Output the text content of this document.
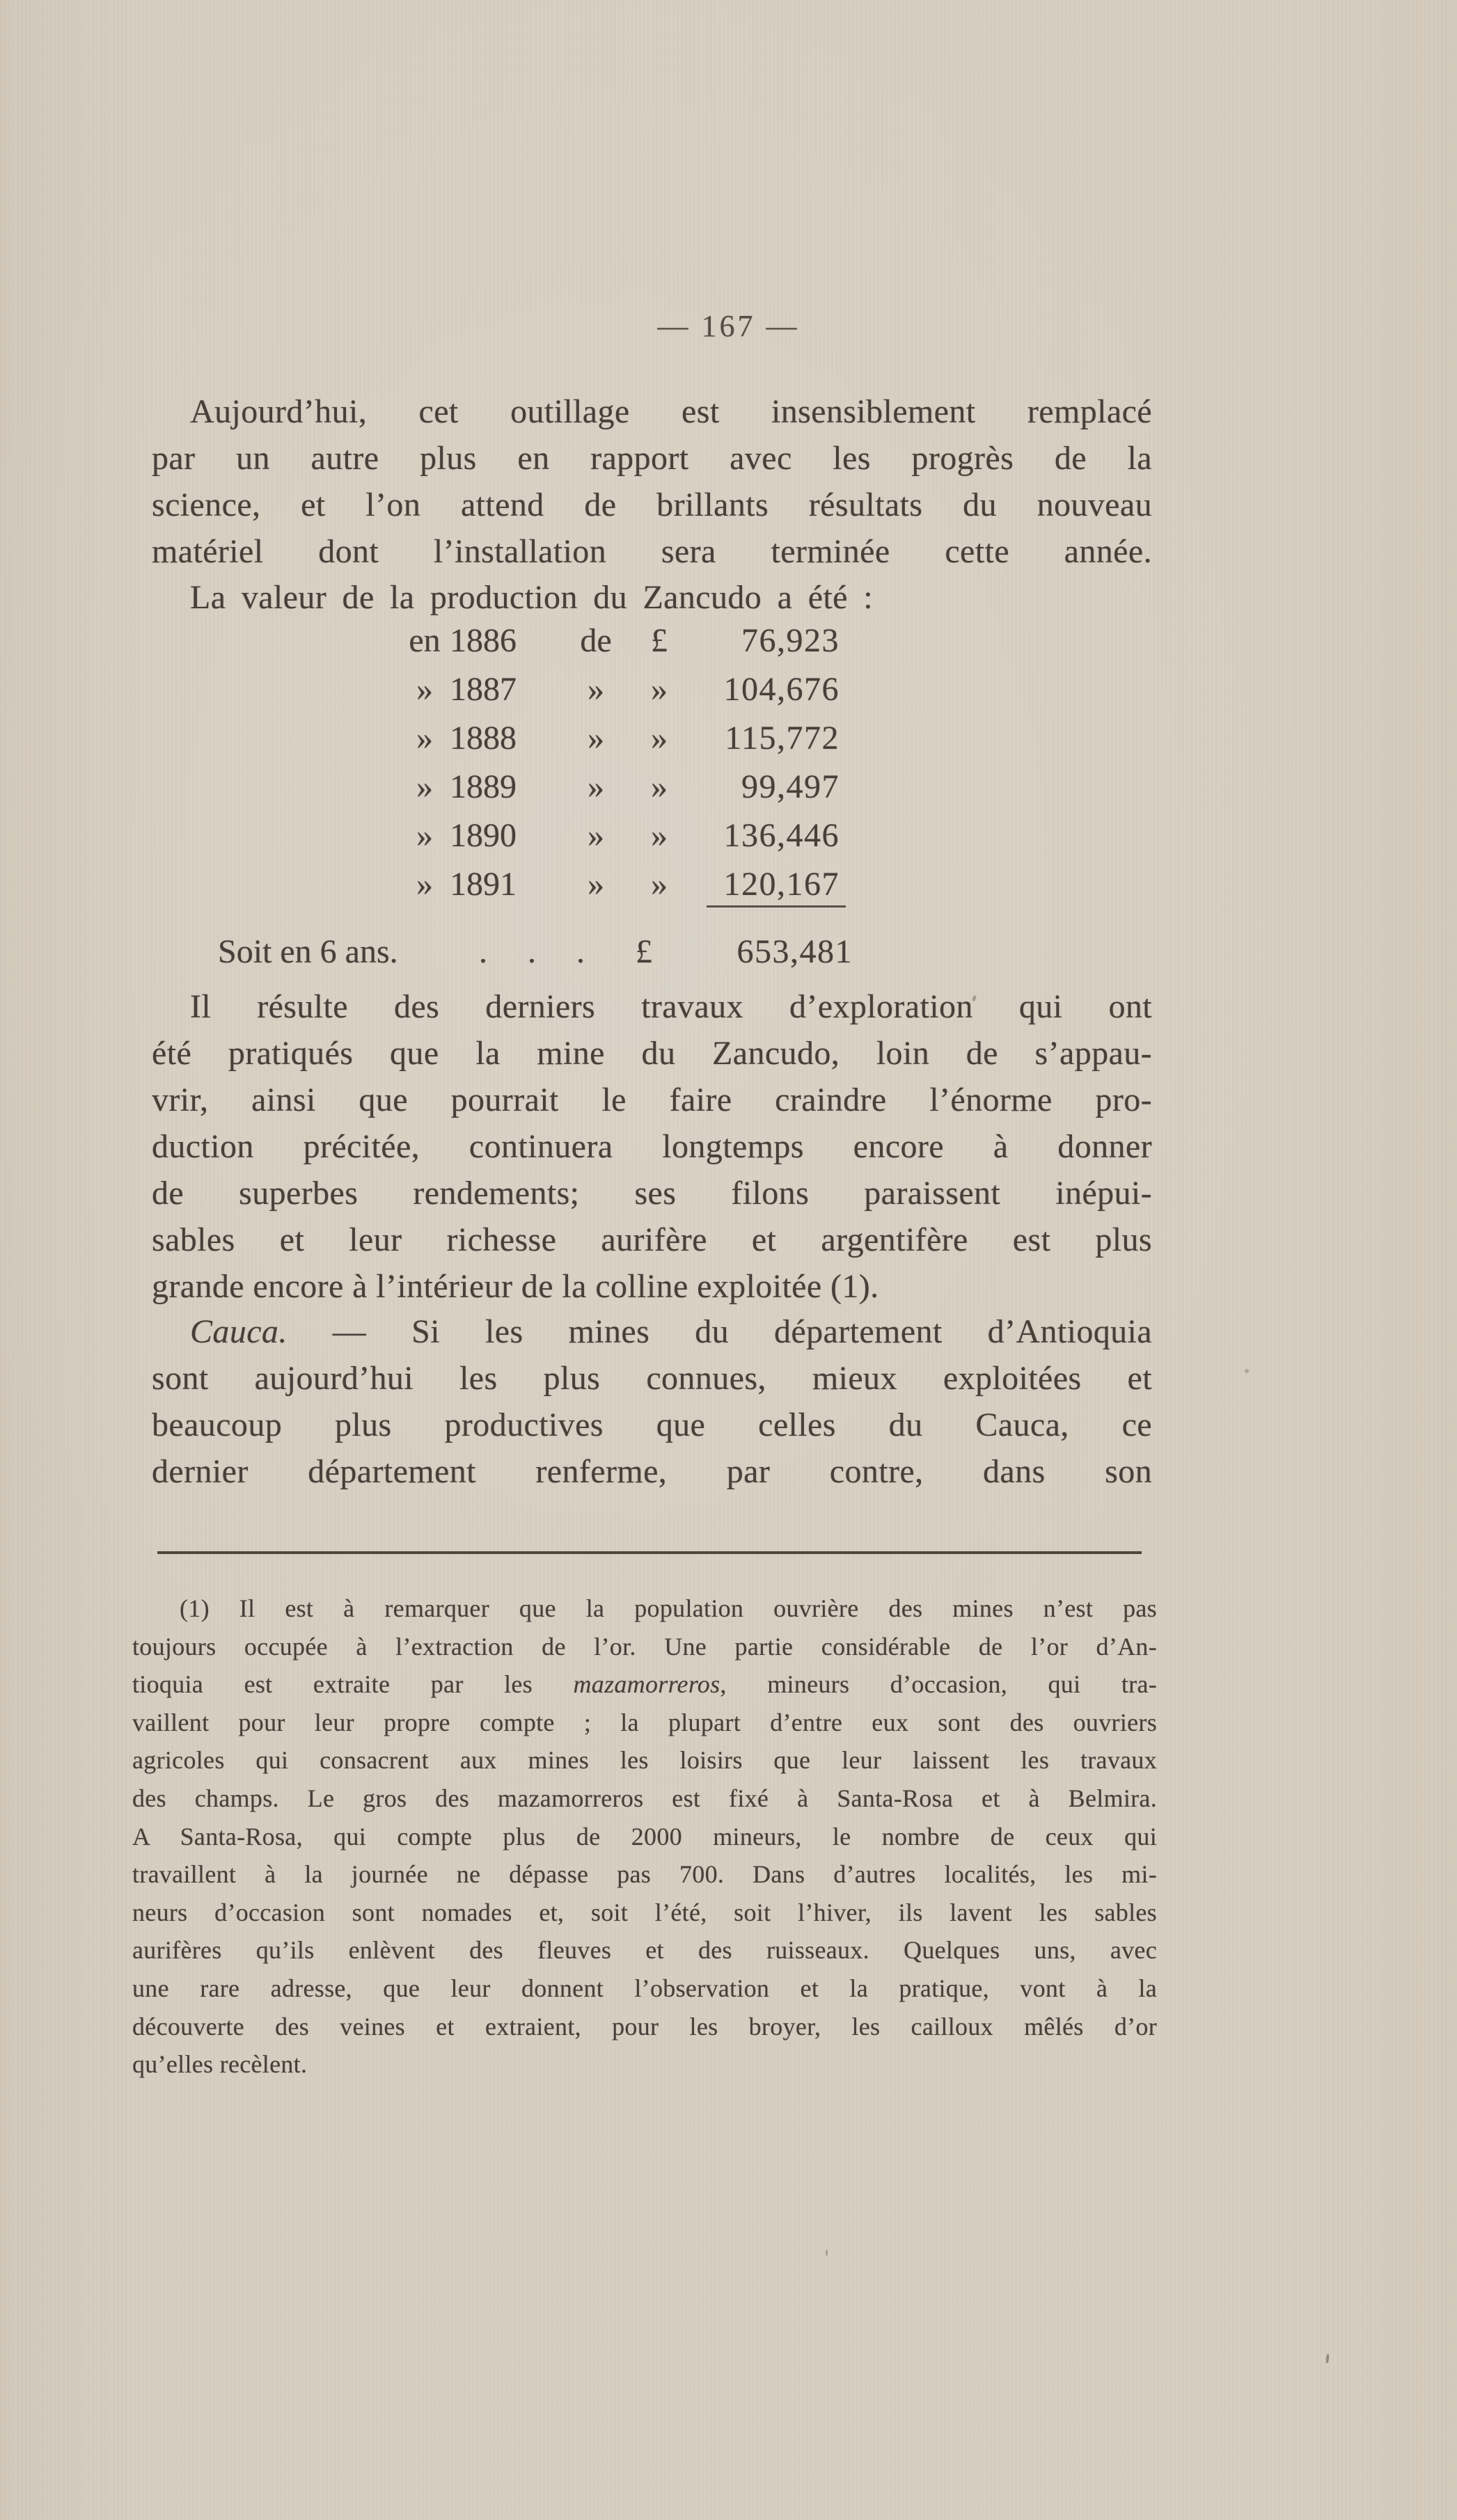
— 167 —
Aujourd’hui, cet outillage est insensiblement remplacé
par un autre plus en rapport avec les progrès de la
science, et l’on attend de brillants résultats du nouveau
matériel dont l’installation sera terminée cette année.
La valeur de la production du Zancudo a été :
en 1886 de £	76,923
» 1887	»	»	104,676
» 1888	»	»	115,772
» 1889	»	»	99,497
» 1890	»	»	136,446
» 1891	»	»	120,167
Soit en 6 ans. ... £	653,481
Il résulte des derniers travaux d’exploration qui ont
été pratiqués que la mine du Zancudo, loin de s’appau-
vrir, ainsi que pourrait le faire craindre l’énorme pro-
duction précitée, continuera longtemps encore à donner
de superbes rendements; ses filons paraissent inépui-
sables et leur richesse aurifère et argentifère est plus
grande encore à l’intérieur de la colline exploitée (1).
Cauca. — Si les mines du département d’Antioquia
sont aujourd’hui les plus connues, mieux exploitées et
beaucoup plus productives que celles du Cauca, ce
dernier département renferme, par contre, dans son
(1) Il est à remarquer que la population ouvrière des mines n’est pas
toujours occupée à l’extraction de l’or. Une partie considérable de l’or d’An-
tioquia est extraite par les mazamorreros, mineurs d’occasion, qui tra-
vaillent pour leur propre compte ; la plupart d’entre eux sont des ouvriers
agricoles qui consacrent aux mines les loisirs que leur laissent les travaux
des champs. Le gros des mazamorreros est fixé à Santa-Rosa et à Belmira.
A Santa-Rosa, qui compte plus de 2000 mineurs, le nombre de ceux qui
travaillent à la journée ne dépasse pas 700. Dans d’autres localités, les mi-
neurs d’occasion sont nomades et, soit l’été, soit l’hiver, ils lavent les sables
aurifères qu’ils enlèvent des fleuves et des ruisseaux. Quelques uns, avec
une rare adresse, que leur donnent l’observation et la pratique, vont à la
découverte des veines et extraient, pour les broyer, les cailloux mêlés d’or
qu’elles recèlent.
